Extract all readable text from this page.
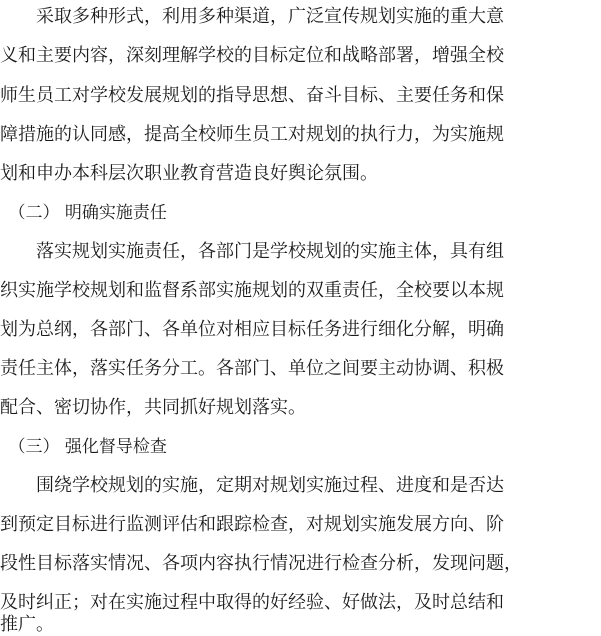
　　采取多种形式，利用多种渠道，广泛宣传规划实施的重大意
义和主要内容，深刻理解学校的目标定位和战略部署，增强全校
师生员工对学校发展规划的指导思想、奋斗目标、主要任务和保
障措施的认同感，提高全校师生员工对规划的执行力，为实施规
划和申办本科层次职业教育营造良好舆论氛围。
　（二） 明确实施责任
　　落实规划实施责任，各部门是学校规划的实施主体，具有组
织实施学校规划和监督系部实施规划的双重责任，全校要以本规
划为总纲，各部门、各单位对相应目标任务进行细化分解，明确
责任主体，落实任务分工。各部门、单位之间要主动协调、积极
配合、密切协作，共同抓好规划落实。
　（三） 强化督导检查
　　围绕学校规划的实施，定期对规划实施过程、进度和是否达
到预定目标进行监测评估和跟踪检查，对规划实施发展方向、阶
段性目标落实情况、各项内容执行情况进行检查分析，发现问题，
及时纠正；对在实施过程中取得的好经验、好做法，及时总结和
推广。
